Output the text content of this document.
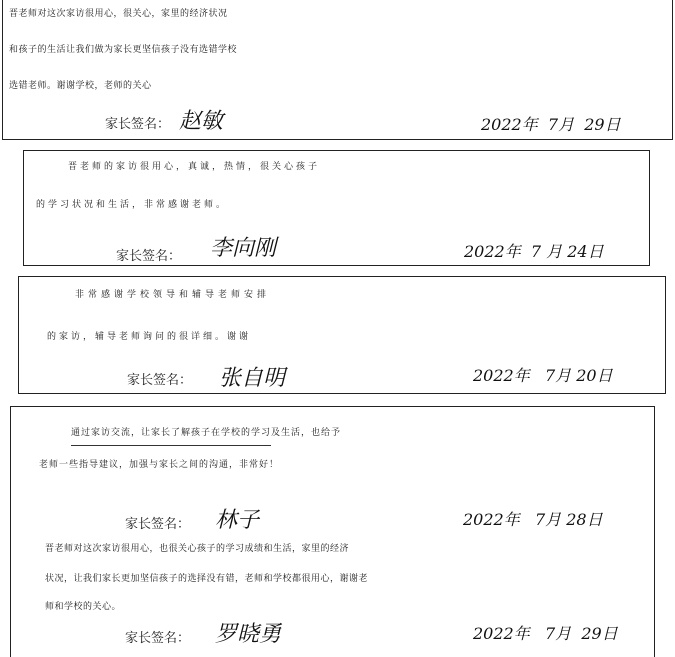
晋老师对这次家访很用心，很关心，家里的经济状况
和孩子的生活让我们做为家长更坚信孩子没有选错学校
选错老师。谢谢学校，老师的关心
家长签名： 赵敏	2022年  7月  29日
晋老师的家访很用心，真诚，热情，很关心孩子
的学习状况和生活，非常感谢老师。
家长签名： 李向刚	2022年  7 月 24日
非常感谢学校领导和辅导老师安排
的家访，辅导老师询问的很详细。谢谢
家长签名： 张自明	2022年   7月 20日
通过家访交流，让家长了解孩子在学校的学习及生活，也给予
老师一些指导建议，加强与家长之间的沟通，非常好！
家长签名： 林子	2022年   7月 28日
晋老师对这次家访很用心，也很关心孩子的学习成绩和生活，家里的经济
状况，让我们家长更加坚信孩子的选择没有错，老师和学校都很用心，谢谢老
师和学校的关心。
家长签名： 罗晓勇	2022年   7月  29日
